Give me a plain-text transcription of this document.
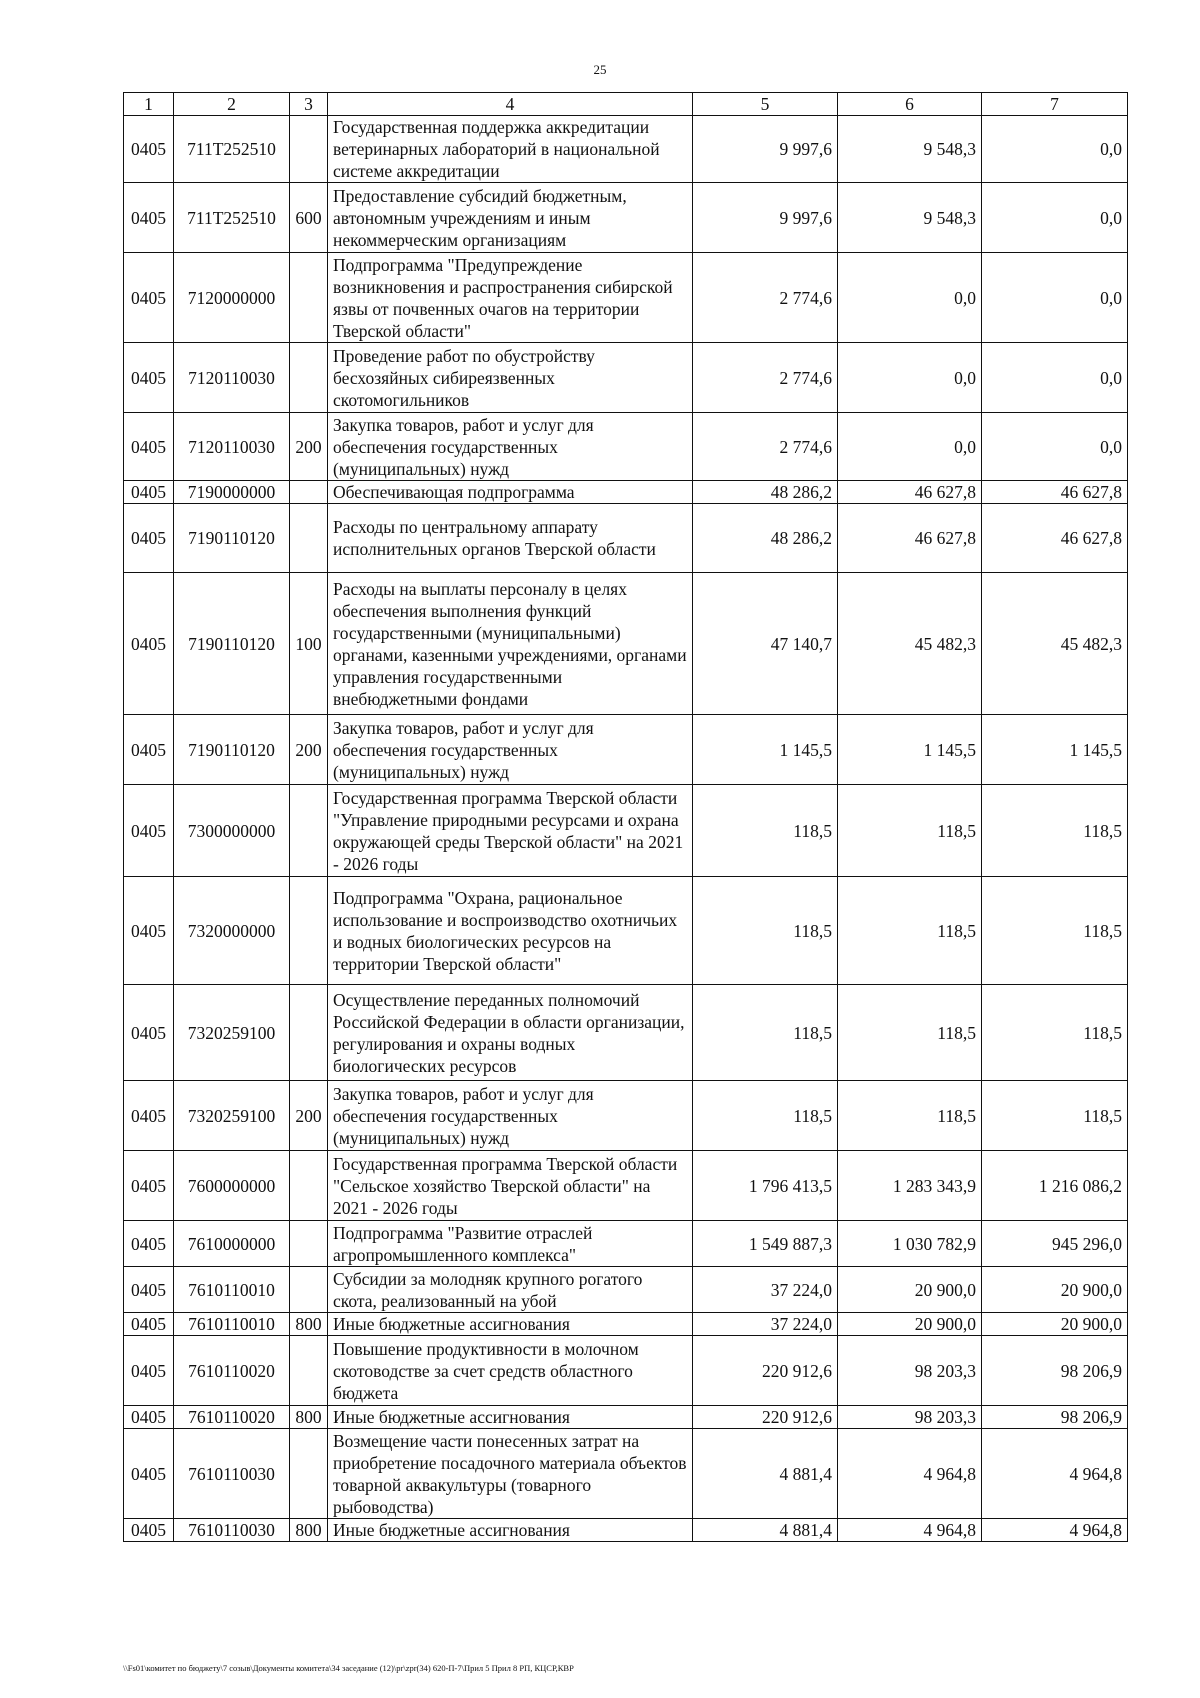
25
1	2	3	4	5	6	7
0405	711Т252510		Государственная поддержка аккредитации ветеринарных лабораторий в национальной системе аккредитации	9 997,6	9 548,3	0,0
0405	711Т252510	600	Предоставление субсидий бюджетным, автономным учреждениям и иным некоммерческим организациям	9 997,6	9 548,3	0,0
0405	7120000000		Подпрограмма "Предупреждение возникновения и распространения сибирской язвы от почвенных очагов на территории Тверской области"	2 774,6	0,0	0,0
0405	7120110030		Проведение работ по обустройству бесхозяйных сибиреязвенных скотомогильников	2 774,6	0,0	0,0
0405	7120110030	200	Закупка товаров, работ и услуг для обеспечения государственных (муниципальных) нужд	2 774,6	0,0	0,0
0405	7190000000		Обеспечивающая подпрограмма	48 286,2	46 627,8	46 627,8
0405	7190110120		Расходы по центральному аппарату исполнительных органов Тверской области	48 286,2	46 627,8	46 627,8
0405	7190110120	100	Расходы на выплаты персоналу в целях обеспечения выполнения функций государственными (муниципальными) органами, казенными учреждениями, органами управления государственными внебюджетными фондами	47 140,7	45 482,3	45 482,3
0405	7190110120	200	Закупка товаров, работ и услуг для обеспечения государственных (муниципальных) нужд	1 145,5	1 145,5	1 145,5
0405	7300000000		Государственная программа Тверской области "Управление природными ресурсами и охрана окружающей среды Тверской области" на 2021 - 2026 годы	118,5	118,5	118,5
0405	7320000000		Подпрограмма "Охрана, рациональное использование и воспроизводство охотничьих и водных биологических ресурсов на территории Тверской области"	118,5	118,5	118,5
0405	7320259100		Осуществление переданных полномочий Российской Федерации в области организации, регулирования и охраны водных биологических ресурсов	118,5	118,5	118,5
0405	7320259100	200	Закупка товаров, работ и услуг для обеспечения государственных (муниципальных) нужд	118,5	118,5	118,5
0405	7600000000		Государственная программа Тверской области "Сельское хозяйство Тверской области" на 2021 - 2026 годы	1 796 413,5	1 283 343,9	1 216 086,2
0405	7610000000		Подпрограмма "Развитие отраслей агропромышленного комплекса"	1 549 887,3	1 030 782,9	945 296,0
0405	7610110010		Субсидии за молодняк крупного рогатого скота, реализованный на убой	37 224,0	20 900,0	20 900,0
0405	7610110010	800	Иные бюджетные ассигнования	37 224,0	20 900,0	20 900,0
0405	7610110020		Повышение продуктивности в молочном скотоводстве за счет средств областного бюджета	220 912,6	98 203,3	98 206,9
0405	7610110020	800	Иные бюджетные ассигнования	220 912,6	98 203,3	98 206,9
0405	7610110030		Возмещение части понесенных затрат на приобретение посадочного материала объектов товарной аквакультуры (товарного рыбоводства)	4 881,4	4 964,8	4 964,8
0405	7610110030	800	Иные бюджетные ассигнования	4 881,4	4 964,8	4 964,8
\\Fs01\комитет по бюджету\7 созыв\Документы комитета\34 заседание (12)\pr\zpr(34) 620-П-7\Прил 5 Прил 8 РП, КЦСР,КВР
